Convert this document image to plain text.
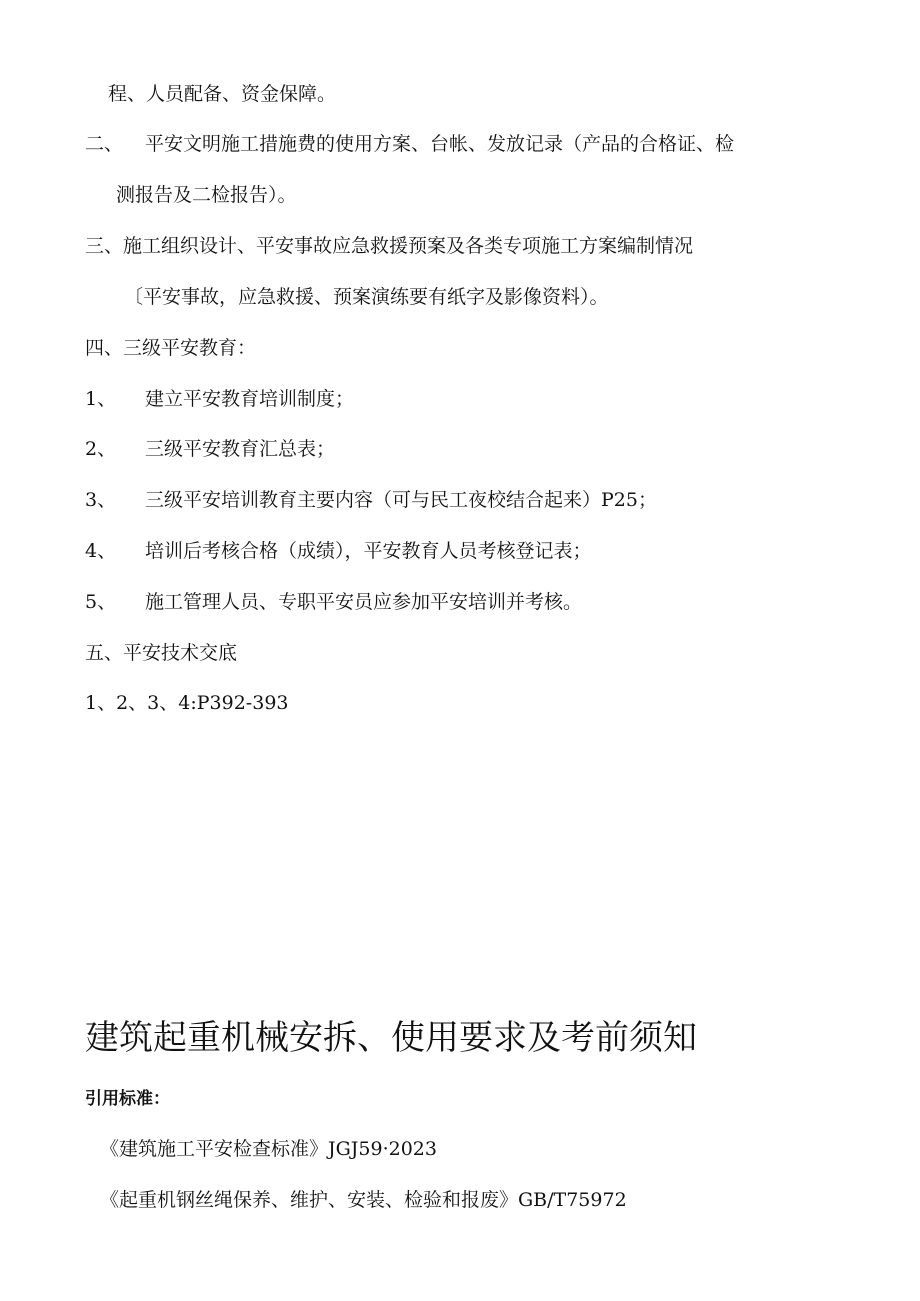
程、人员配备、资金保障。
二、 平安文明施工措施费的使用方案、台帐、发放记录（产品的合格证、检
测报告及二检报告）。
三、施工组织设计、平安事故应急救援预案及各类专项施工方案编制情况
〔平安事故，应急救援、预案演练要有纸字及影像资料）。
四、三级平安教育：
1、 建立平安教育培训制度；
2、 三级平安教育汇总表；
3、 三级平安培训教育主要内容（可与民工夜校结合起来）P25；
4、 培训后考核合格（成绩），平安教育人员考核登记表；
5、 施工管理人员、专职平安员应参加平安培训并考核。
五、平安技术交底
1、2、3、4:P392-393
建筑起重机械安拆、使用要求及考前须知
引用标准：
《建筑施工平安检查标准》JGJ59·2023
《起重机钢丝绳保养、维护、安装、检验和报废》GB/T75972
